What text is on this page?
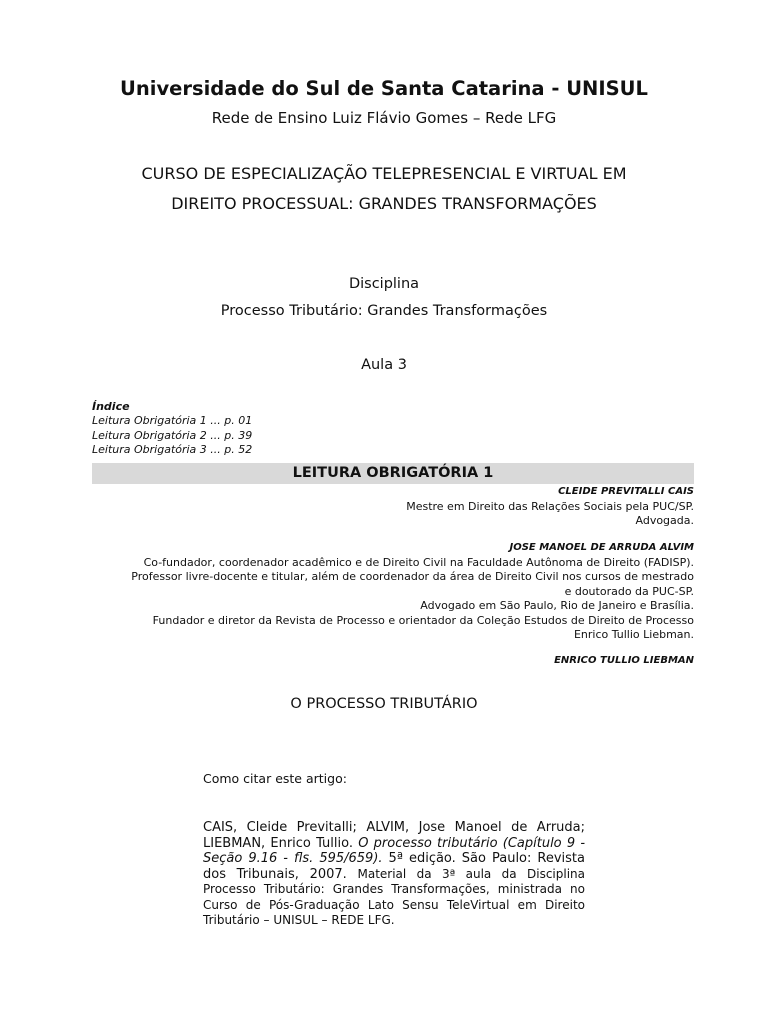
Universidade do Sul de Santa Catarina - UNISUL
Rede de Ensino Luiz Flávio Gomes – Rede LFG
CURSO DE ESPECIALIZAÇÃO TELEPRESENCIAL E VIRTUAL EM
DIREITO PROCESSUAL: GRANDES TRANSFORMAÇÕES
Disciplina
Processo Tributário: Grandes Transformações
Aula 3
Índice
Leitura Obrigatória 1 ... p. 01
Leitura Obrigatória 2 ... p. 39
Leitura Obrigatória 3 ... p. 52
LEITURA OBRIGATÓRIA 1
CLEIDE PREVITALLI CAIS
Mestre em Direito das Relações Sociais pela PUC/SP.
Advogada.
JOSE MANOEL DE ARRUDA ALVIM
Co-fundador, coordenador acadêmico e de Direito Civil na Faculdade Autônoma de Direito (FADISP).
Professor livre-docente e titular, além de coordenador da área de Direito Civil nos cursos de mestrado
e doutorado da PUC-SP.
Advogado em São Paulo, Rio de Janeiro e Brasília.
Fundador e diretor da Revista de Processo e orientador da Coleção Estudos de Direito de Processo
Enrico Tullio Liebman.
ENRICO TULLIO LIEBMAN
O PROCESSO TRIBUTÁRIO
Como citar este artigo:
CAIS, Cleide Previtalli; ALVIM, Jose Manoel de Arruda; LIEBMAN, Enrico Tullio. O processo tributário (Capítulo 9 - Seção 9.16 - fls. 595/659). 5ª edição. São Paulo: Revista dos Tribunais, 2007. Material da 3ª aula da Disciplina Processo Tributário: Grandes Transformações, ministrada no Curso de Pós-Graduação Lato Sensu TeleVirtual em Direito Tributário – UNISUL – REDE LFG.
